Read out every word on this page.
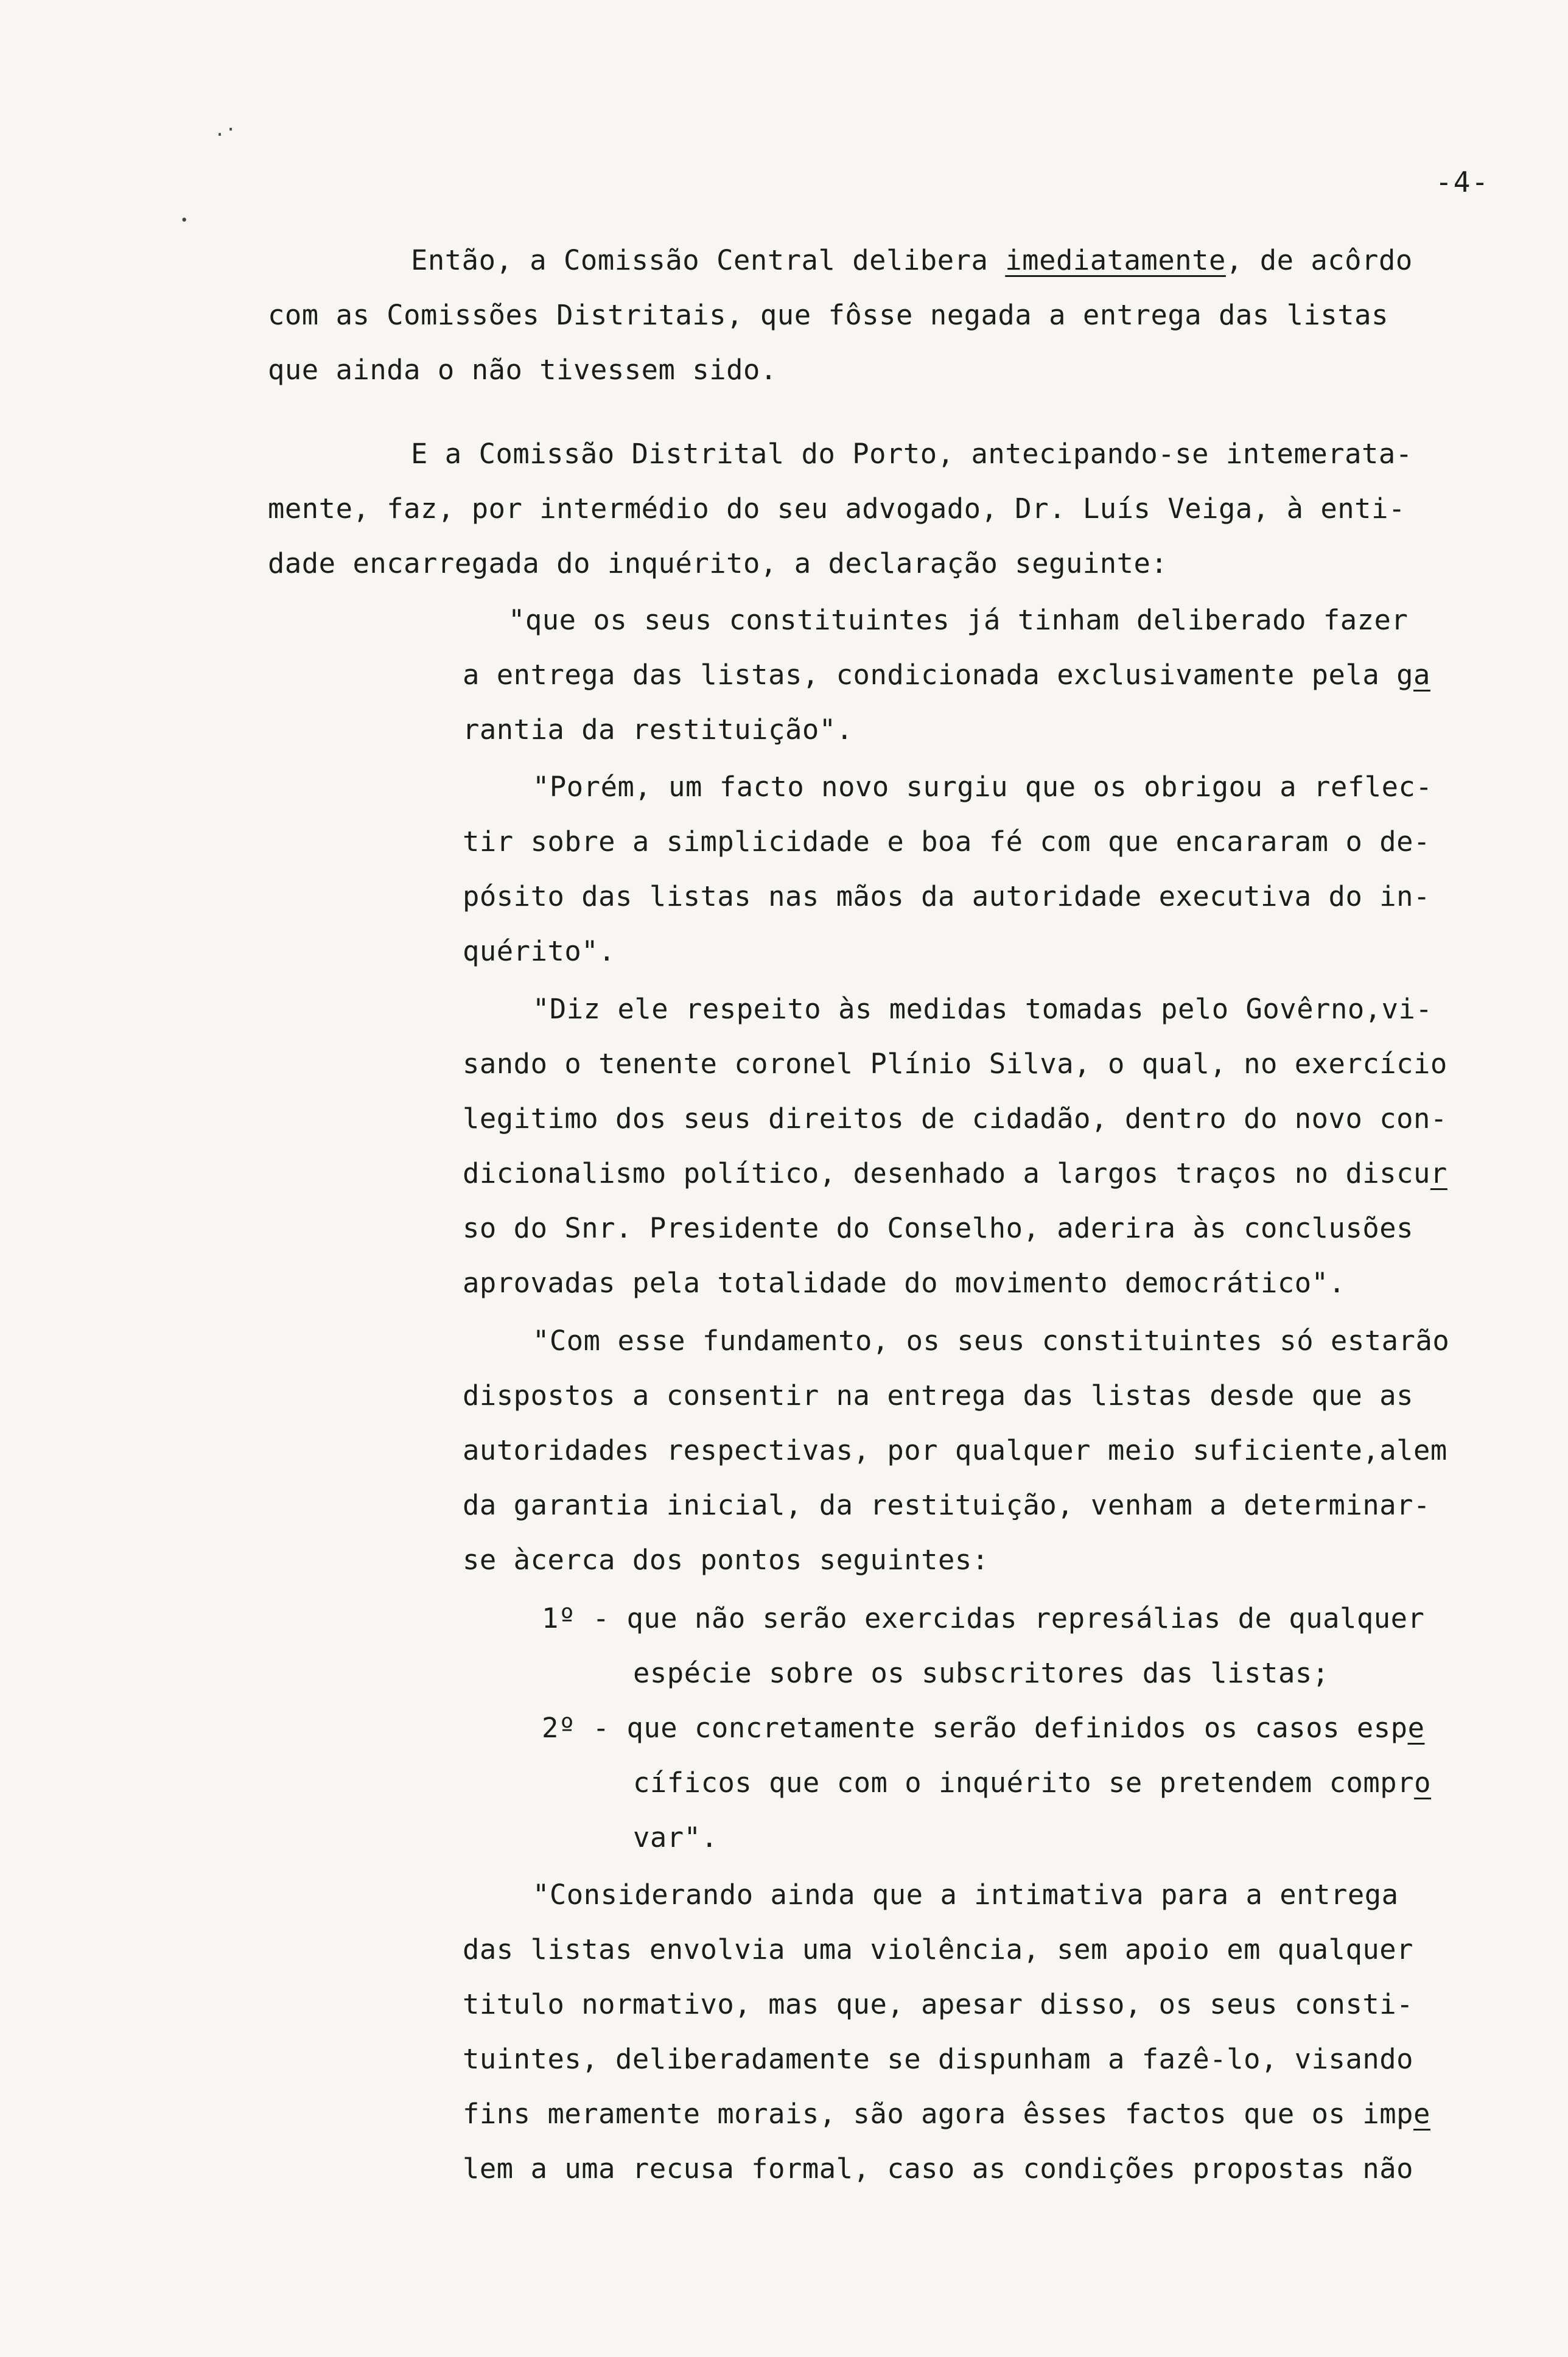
.·
•
-4-
Então, a Comissão Central delibera imediatamente, de acôrdo
com as Comissões Distritais, que fôsse negada a entrega das listas
que ainda o não tivessem sido.
E a Comissão Distrital do Porto, antecipando-se intemerata-
mente, faz, por intermédio do seu advogado, Dr. Luís Veiga, à enti-
dade encarregada do inquérito, a declaração seguinte:
"que os seus constituintes já tinham deliberado fazer
a entrega das listas, condicionada exclusivamente pela ga
rantia da restituição".
"Porém, um facto novo surgiu que os obrigou a reflec-
tir sobre a simplicidade e boa fé com que encararam o de-
pósito das listas nas mãos da autoridade executiva do in-
quérito".
"Diz ele respeito às medidas tomadas pelo Govêrno,vi-
sando o tenente coronel Plínio Silva, o qual, no exercício
legitimo dos seus direitos de cidadão, dentro do novo con-
dicionalismo político, desenhado a largos traços no discur
so do Snr. Presidente do Conselho, aderira às conclusões
aprovadas pela totalidade do movimento democrático".
"Com esse fundamento, os seus constituintes só estarão
dispostos a consentir na entrega das listas desde que as
autoridades respectivas, por qualquer meio suficiente,alem
da garantia inicial, da restituição, venham a determinar-
se àcerca dos pontos seguintes:
1º - que não serão exercidas represálias de qualquer
espécie sobre os subscritores das listas;
2º - que concretamente serão definidos os casos espe
cíficos que com o inquérito se pretendem compro
var".
"Considerando ainda que a intimativa para a entrega
das listas envolvia uma violência, sem apoio em qualquer
titulo normativo, mas que, apesar disso, os seus consti-
tuintes, deliberadamente se dispunham a fazê-lo, visando
fins meramente morais, são agora êsses factos que os impe
lem a uma recusa formal, caso as condições propostas não
